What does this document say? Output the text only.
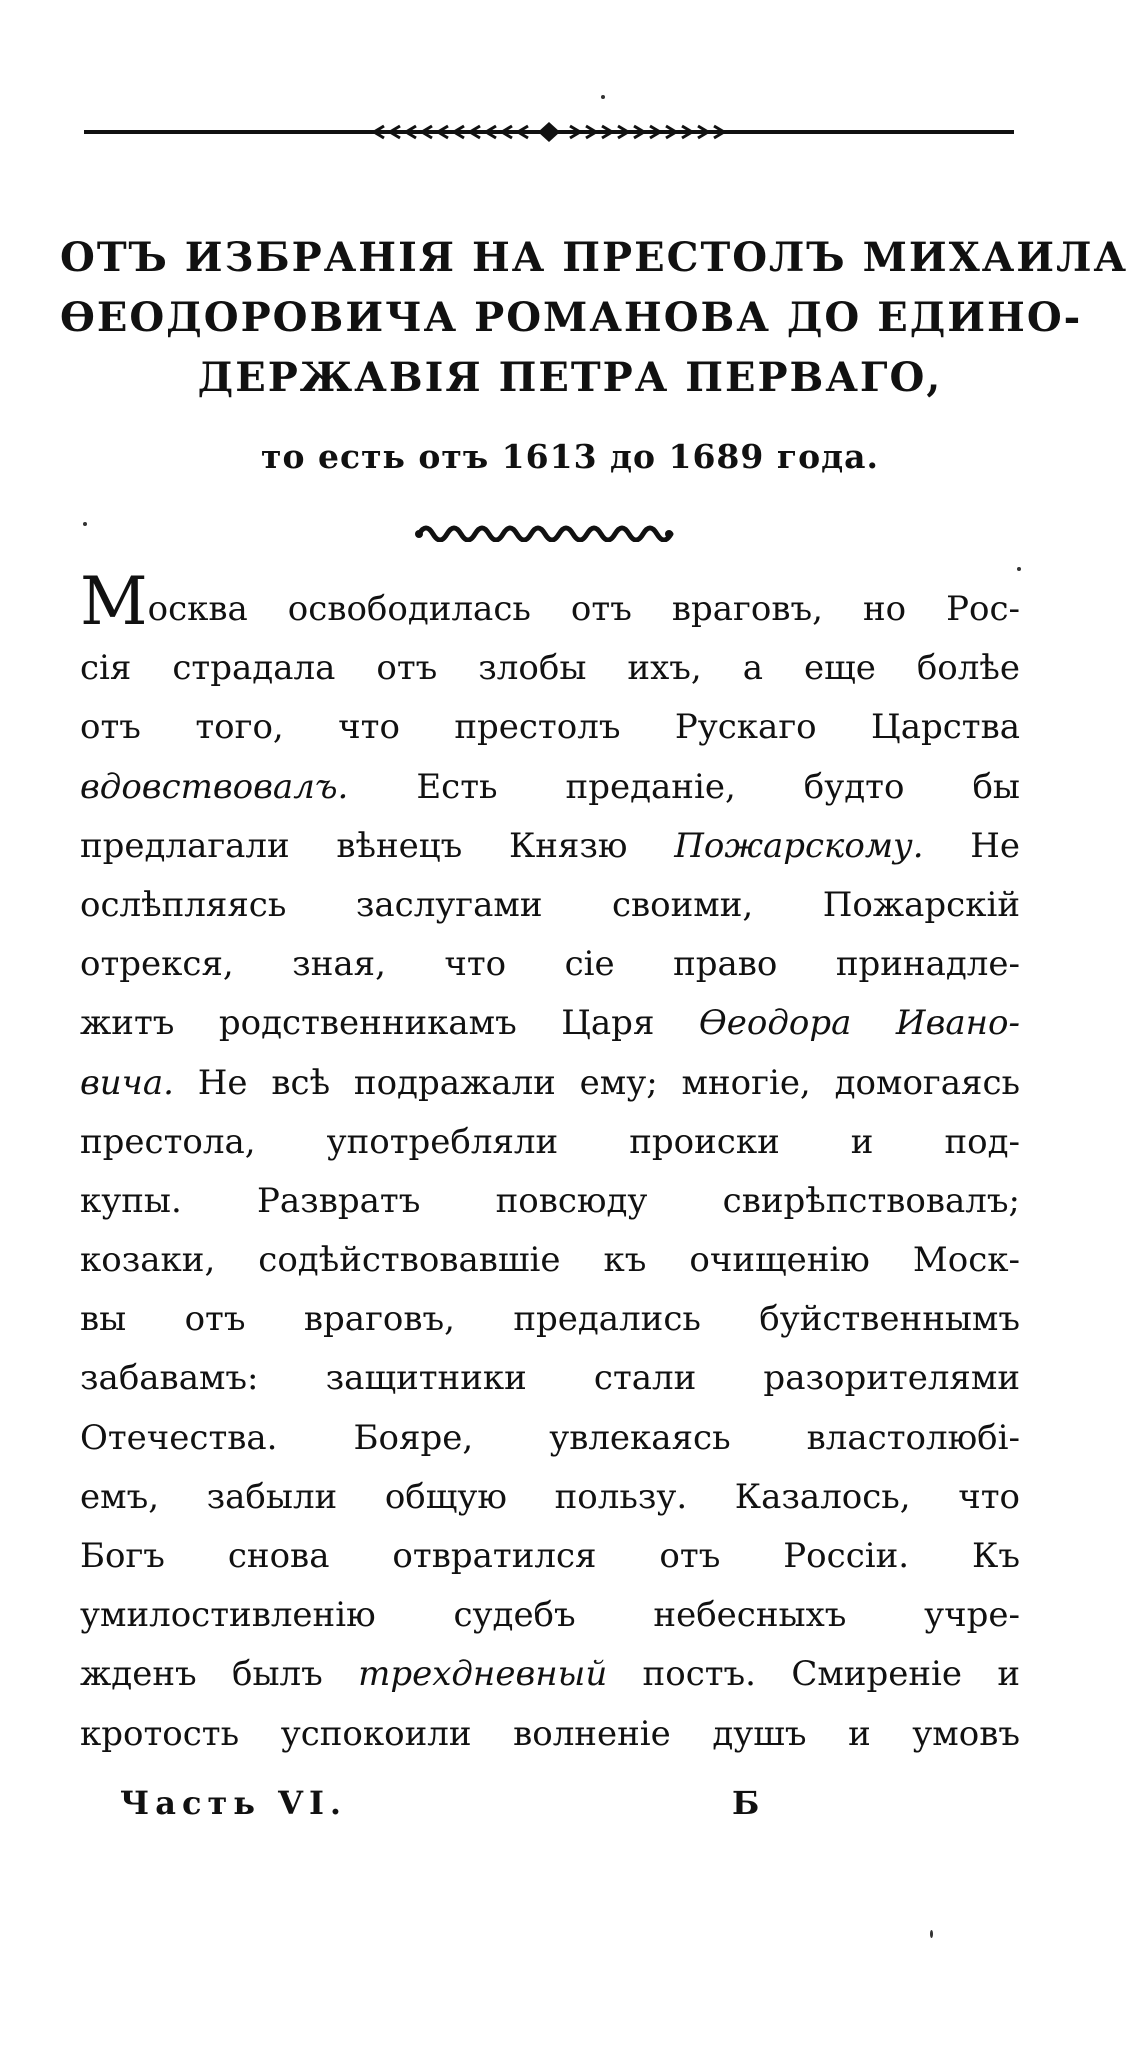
ОТЪ ИЗБРАНІЯ НА ПРЕСТОЛЪ МИХАИЛА
ѲЕОДОРОВИЧА РОМАНОВА ДО ЕДИНО-
ДЕРЖАВІЯ ПЕТРА ПЕРВАГО,
то есть отъ 1613 до 1689 года.
Москва освободилась отъ враговъ, но Рос-
сія страдала отъ злобы ихъ, а еще болѣе
отъ того, что престолъ Рускаго Царства
вдовствовалъ. Есть преданіе, будто бы
предлагали вѣнецъ Князю Пожарскому. Не
ослѣпляясь заслугами своими, Пожарскій
отрекся, зная, что сіе право принадле-
житъ родственникамъ Царя Ѳеодора Ивано-
вича. Не всѣ подражали ему; многіе, домогаясь
престола, употребляли происки и под-
купы. Развратъ повсюду свирѣпствовалъ;
козаки, содѣйствовавшіе къ очищенію Моск-
вы отъ враговъ, предались буйственнымъ
забавамъ: защитники стали разорителями
Отечества. Бояре, увлекаясь властолюбі-
емъ, забыли общую пользу. Казалось, что
Богъ снова отвратился отъ Россіи. Къ
умилостивленію судебъ небесныхъ учре-
жденъ былъ трехдневный постъ. Смиреніе и
кротость успокоили волненіе душъ и умовъ
Часть VI.	Б
